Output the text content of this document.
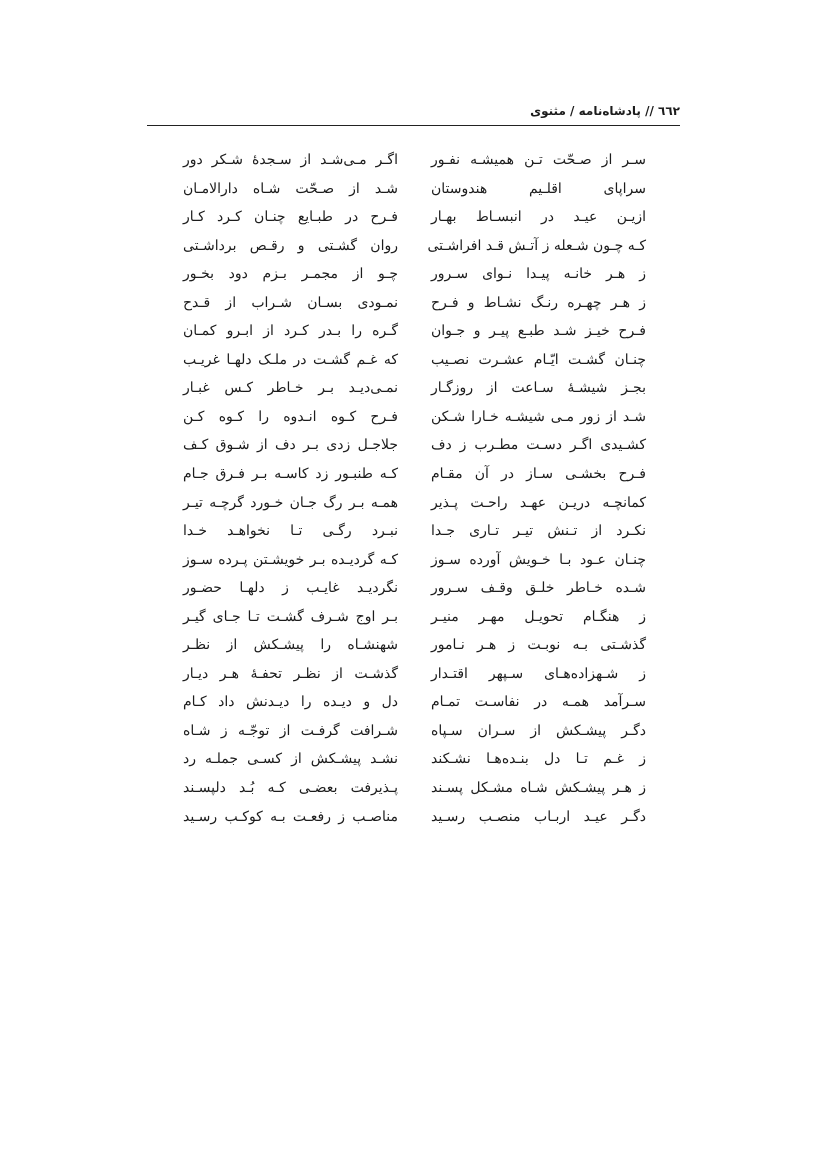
٦٦٢ // پادشاه‌نامه / مثنوی
سـر از صـحّت تـن همیشـه نفـور
سراپای اقلـیم هندوستان
ازیـن عیـد در انبسـاط بهـار
کـه چـون شـعله ز آتـش قـد افراشـتی
ز هـر خانـه پیـدا نـوای سـرور
ز هـر چهـره رنـگ نشـاط و فـرح
فـرح خیـز شـد طبـع پیـر و جـوان
چنـان گشـت ایّـام عشـرت نصـیب
بجـز شیشـهٔ سـاعت از روزگـار
شـد از زور مـی شیشـه خـارا شـکن
کشـیدی اگـر دسـت مطـرب ز دف
فـرح بخشـی سـاز در آن مقـام
کمانچـه دریـن عهـد راحـت پـذیر
نکـرد از تـنش تیـر تـاری جـدا
چنـان عـود بـا خـویش آورده سـوز
شـده خـاطر خلـق وقـف سـرور
ز هنگـام تحویـل مهـر منیـر
گذشـتی بـه نوبـت ز هـر نـامور
ز شـهزاده‌هـای سـپهر اقتـدار
سـرآمد همـه در نفاسـت تمـام
دگـر پیشـکش از سـران سـپاه
ز غـم تـا دل بنـده‌هـا نشـکند
ز هـر پیشـکش شـاه مشـکل پسـند
دگـر عیـد اربـاب منصـب رسـید
اگـر مـی‌شـد از سـجدهٔ شـکر دور
شـد از صـحّت شـاه دارالامـان
فـرح در طبـایع چنـان کـرد کـار
روان گشـتی و رقـص برداشـتی
چـو از مجمـر بـزم دود بخـور
نمـودی بسـان شـراب از قـدح
گـره را بـدر کـرد از ابـرو کمـان
که غـم گشـت در ملـک دلهـا غریـب
نمـی‌دیـد بـر خـاطر کـس غبـار
فـرح کـوه انـدوه را کـوه کـن
جلاجـل زدی بـر دف از شـوق کـف
کـه طنبـور زد کاسـه بـر فـرق جـام
همـه بـر رگ جـان خـورد گرچـه تیـر
نبـرد رگـی تـا نخواهـد خـدا
کـه گردیـده بـر خویشـتن پـرده سـوز
نگردیـد غایـب ز دلهـا حضـور
بـر اوج شـرف گشـت تـا جـای گیـر
شهنشـاه را پیشـکش از نظـر
گذشـت از نظـر تحفـهٔ هـر دیـار
دل و دیـده را دیـدنش داد کـام
شـرافت گرفـت از توجّـه ز شـاه
نشـد پیشـکش از کسـی جملـه رد
پـذیرفت بعضـی کـه بُـد دلپسـند
مناصـب ز رفعـت بـه کوکـب رسـید
